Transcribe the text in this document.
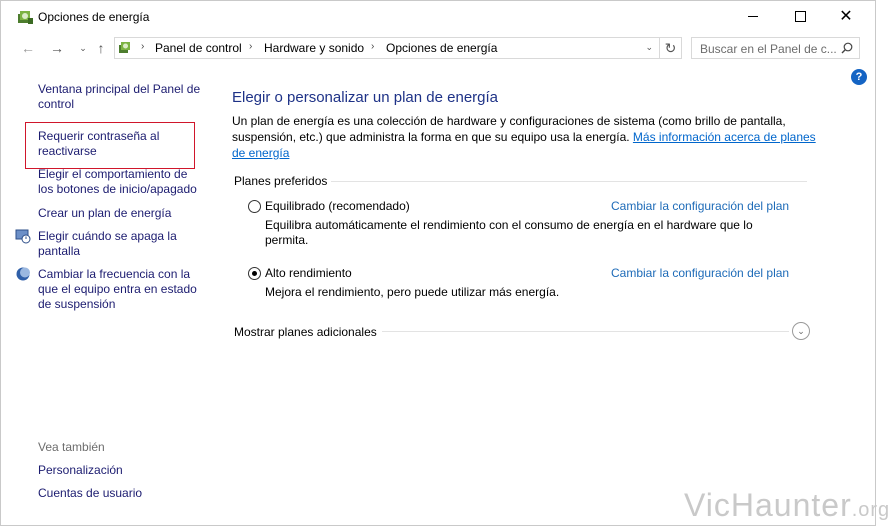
Opciones de energía	✕
← → ⌄ ↑	› Panel de control › Hardware y sonido › Opciones de energía	⌄ ↻ Buscar en el Panel de c...
?
Ventana principal del Panel de
control
Requerir contraseña al
reactivarse
Elegir el comportamiento de
los botones de inicio/apagado
Crear un plan de energía
Elegir cuándo se apaga la
pantalla
Cambiar la frecuencia con la
que el equipo entra en estado
de suspensión
Vea también
Personalización
Cuentas de usuario
Elegir o personalizar un plan de energía
Un plan de energía es una colección de hardware y configuraciones de sistema (como brillo de pantalla, suspensión, etc.) que administra la forma en que su equipo usa la energía. Más información acerca de planes de energía
Planes preferidos
Equilibrado (recomendado)	Cambiar la configuración del plan
Equilibra automáticamente el rendimiento con el consumo de energía en el hardware que lo
permita.
Alto rendimiento	Cambiar la configuración del plan
Mejora el rendimiento, pero puede utilizar más energía.
Mostrar planes adicionales	⌄
VicHaunter.org
